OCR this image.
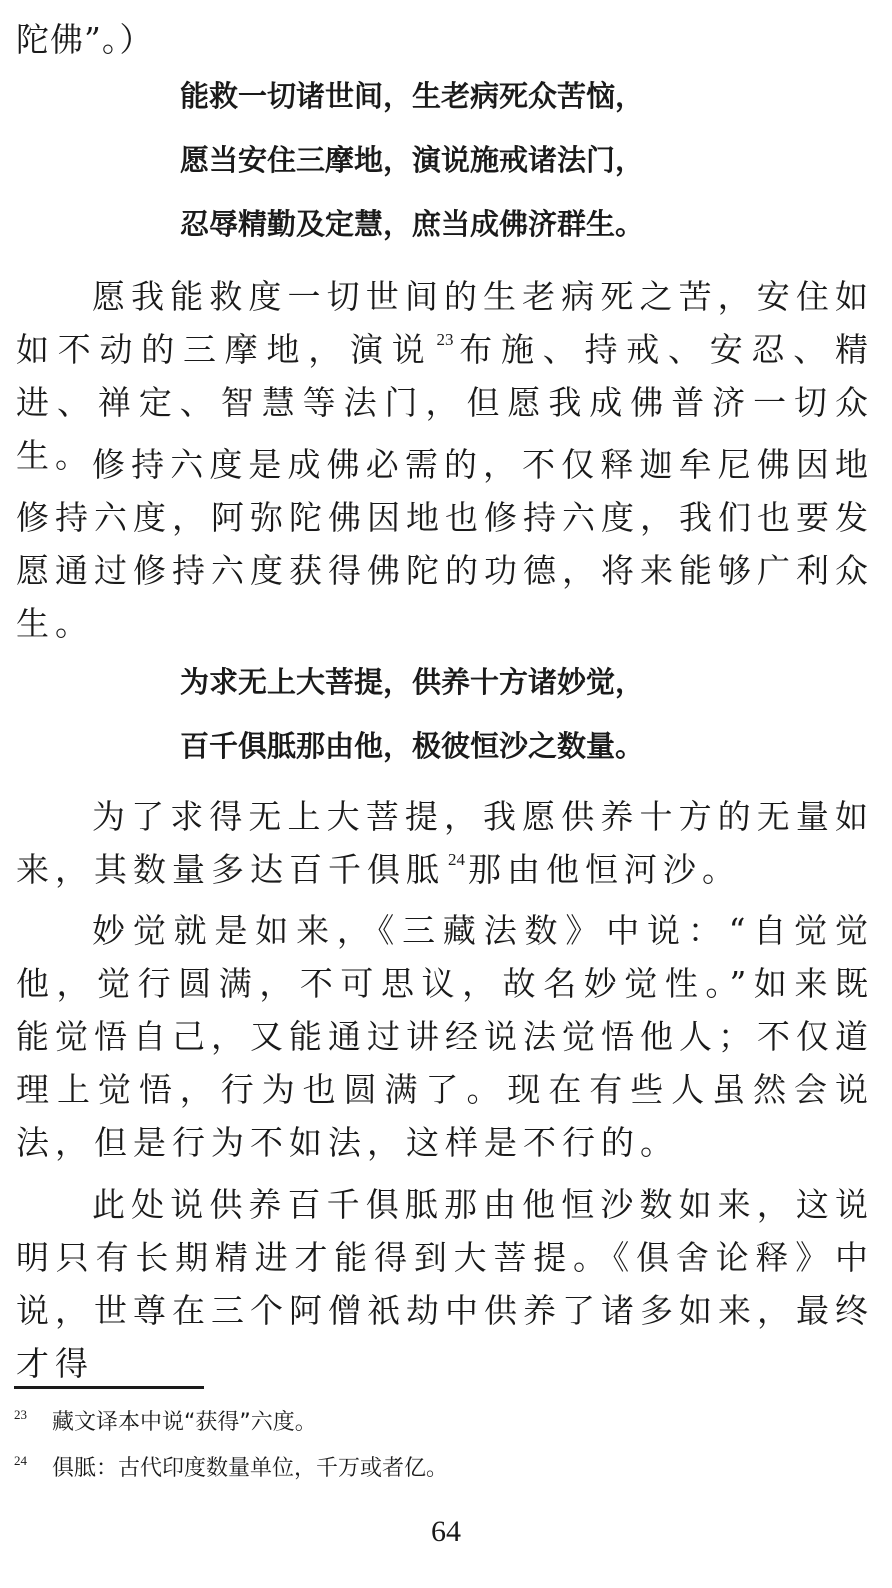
陀佛”。）

能救一切诸世间，生老病死众苦恼，

愿当安住三摩地，演说施戒诸法门，

忍辱精勤及定慧，庶当成佛济群生。

愿我能救度一切世间的生老病死之苦，安住如如不动的三摩地，演说 $^{23}$布施、持戒、安忍、精进、禅定、智慧等法门，但愿我成佛普济一切众生。

修持六度是成佛必需的，不仅释迦牟尼佛因地修持六度，阿弥陀佛因地也修持六度，我们也要发愿通过修持六度获得佛陀的功德，将来能够广利众生。

为求无上大菩提，供养十方诸妙觉，

百千俱胝那由他，极彼恒沙之数量。

为了求得无上大菩提，我愿供养十方的无量如来，其数量多达百千俱胝 $^{24}$那由他恒河沙。

妙觉就是如来，《三藏法数》中说：“自觉觉他，觉行圆满，不可思议，故名妙觉性。”如来既能觉悟自己，又能通过讲经说法觉悟他人；不仅道理上觉悟，行为也圆满了。现在有些人虽然会说法，但是行为不如法，这样是不行的。

此处说供养百千俱胝那由他恒沙数如来，这说明只有长期精进才能得到大菩提。《俱舍论释》中说，世尊在三个阿僧祇劫中供养了诸多如来，最终才得

23 藏文译本中说“获得”六度。

24 俱胝：古代印度数量单位，千万或者亿。

64
